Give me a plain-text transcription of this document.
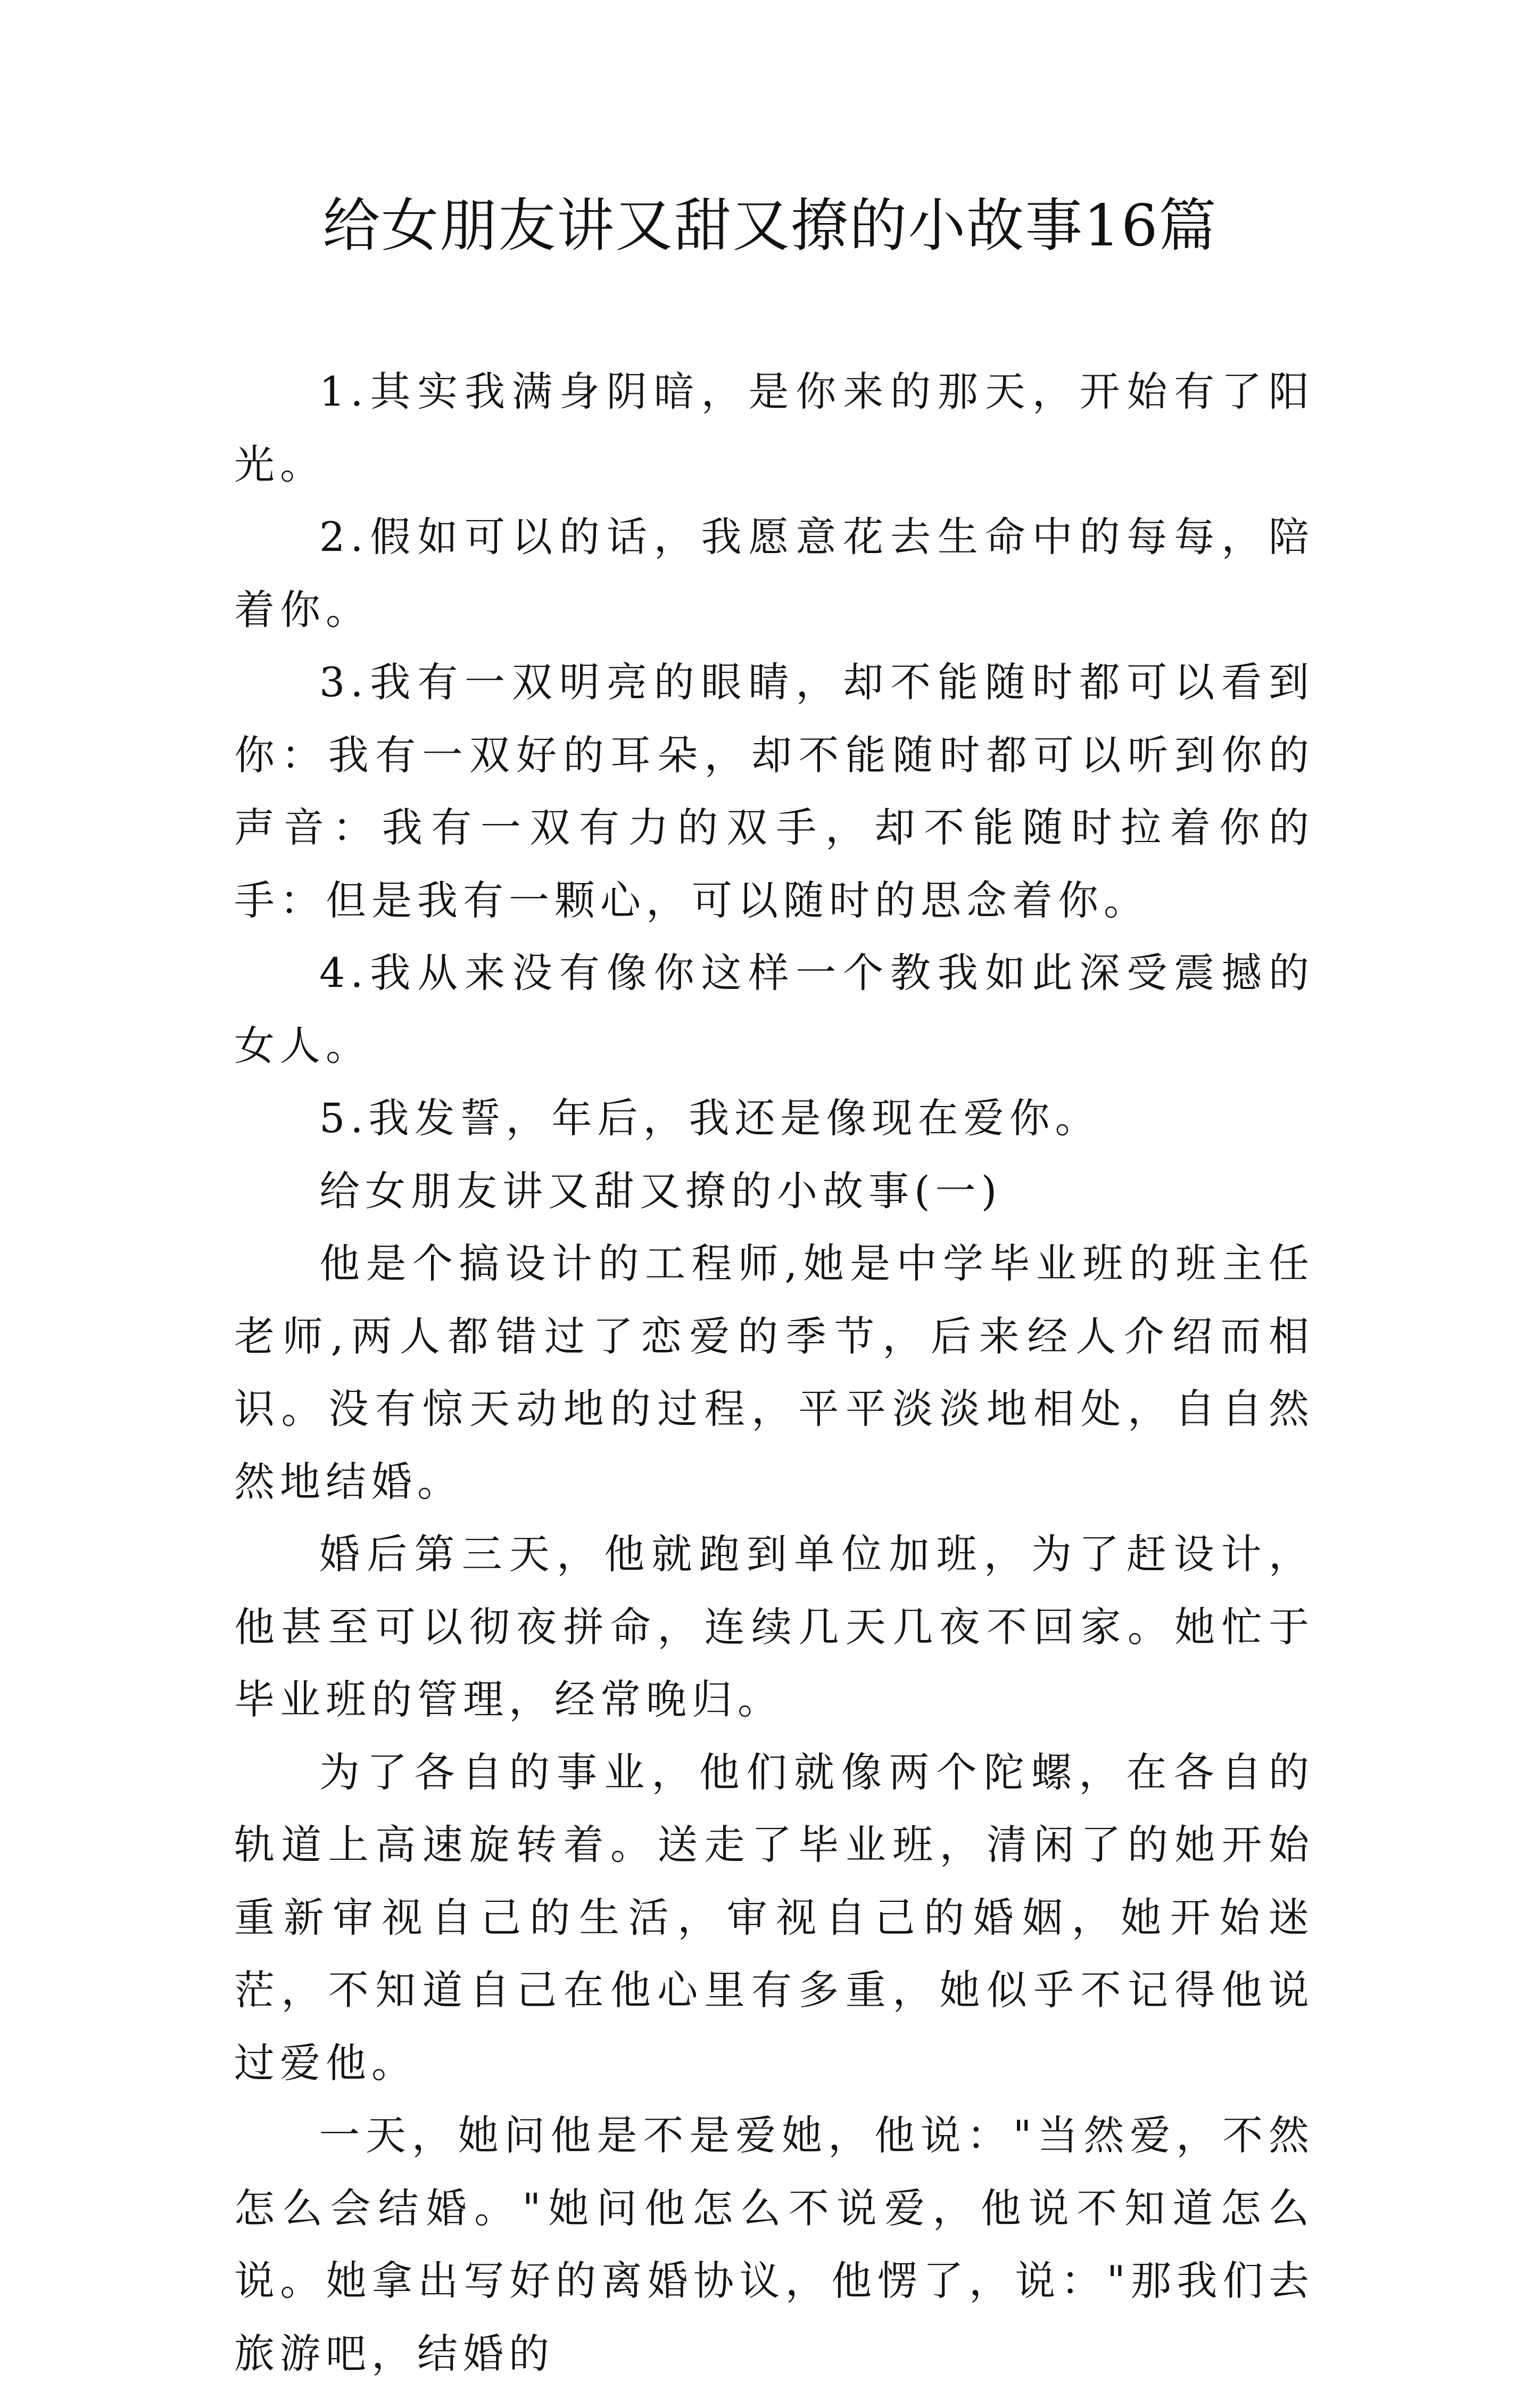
给女朋友讲又甜又撩的小故事16篇

1.其实我满身阴暗，是你来的那天，开始有了阳光。

2.假如可以的话，我愿意花去生命中的每每，陪着你。

3.我有一双明亮的眼睛，却不能随时都可以看到你：我有一双好的耳朵，却不能随时都可以听到你的声音：我有一双有力的双手，却不能随时拉着你的手：但是我有一颗心，可以随时的思念着你。

4.我从来没有像你这样一个教我如此深受震撼的女人。

5.我发誓，年后，我还是像现在爱你。

给女朋友讲又甜又撩的小故事(一)

他是个搞设计的工程师,她是中学毕业班的班主任老师,两人都错过了恋爱的季节，后来经人介绍而相识。没有惊天动地的过程，平平淡淡地相处，自自然然地结婚。

婚后第三天，他就跑到单位加班，为了赶设计，他甚至可以彻夜拼命，连续几天几夜不回家。她忙于毕业班的管理，经常晚归。

为了各自的事业，他们就像两个陀螺，在各自的轨道上高速旋转着。送走了毕业班，清闲了的她开始重新审视自己的生活，审视自己的婚姻，她开始迷茫，不知道自己在他心里有多重，她似乎不记得他说过爱他。

一天，她问他是不是爱她，他说："当然爱，不然怎么会结婚。"她问他怎么不说爱，他说不知道怎么说。她拿出写好的离婚协议，他愣了，说："那我们去旅游吧，结婚的
